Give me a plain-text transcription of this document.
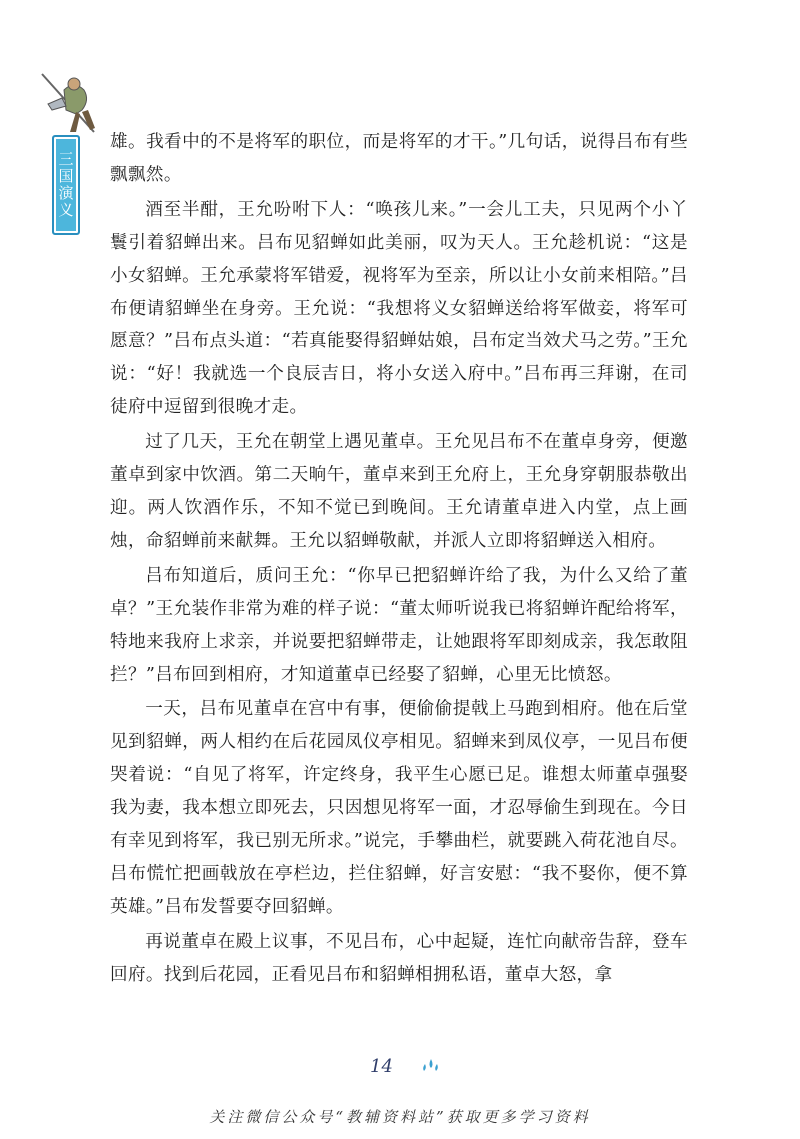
三国演义

雄。我看中的不是将军的职位，而是将军的才干。”几句话，说得吕布有些飘飘然。

酒至半酣，王允吩咐下人：“唤孩儿来。”一会儿工夫，只见两个小丫鬟引着貂蝉出来。吕布见貂蝉如此美丽，叹为天人。王允趁机说：“这是小女貂蝉。王允承蒙将军错爱，视将军为至亲，所以让小女前来相陪。”吕布便请貂蝉坐在身旁。王允说：“我想将义女貂蝉送给将军做妾，将军可愿意？”吕布点头道：“若真能娶得貂蝉姑娘，吕布定当效犬马之劳。”王允说：“好！我就选一个良辰吉日，将小女送入府中。”吕布再三拜谢，在司徒府中逗留到很晚才走。

过了几天，王允在朝堂上遇见董卓。王允见吕布不在董卓身旁，便邀董卓到家中饮酒。第二天晌午，董卓来到王允府上，王允身穿朝服恭敬出迎。两人饮酒作乐，不知不觉已到晚间。王允请董卓进入内堂，点上画烛，命貂蝉前来献舞。王允以貂蝉敬献，并派人立即将貂蝉送入相府。

吕布知道后，质问王允：“你早已把貂蝉许给了我，为什么又给了董卓？”王允装作非常为难的样子说：“董太师听说我已将貂蝉许配给将军，特地来我府上求亲，并说要把貂蝉带走，让她跟将军即刻成亲，我怎敢阻拦？”吕布回到相府，才知道董卓已经娶了貂蝉，心里无比愤怒。

一天，吕布见董卓在宫中有事，便偷偷提戟上马跑到相府。他在后堂见到貂蝉，两人相约在后花园凤仪亭相见。貂蝉来到凤仪亭，一见吕布便哭着说：“自见了将军，许定终身，我平生心愿已足。谁想太师董卓强娶我为妻，我本想立即死去，只因想见将军一面，才忍辱偷生到现在。今日有幸见到将军，我已别无所求。”说完，手攀曲栏，就要跳入荷花池自尽。吕布慌忙把画戟放在亭栏边，拦住貂蝉，好言安慰：“我不娶你，便不算英雄。”吕布发誓要夺回貂蝉。

再说董卓在殿上议事，不见吕布，心中起疑，连忙向献帝告辞，登车回府。找到后花园，正看见吕布和貂蝉相拥私语，董卓大怒，拿

14
关注微信公众号“教辅资料站”获取更多学习资料
